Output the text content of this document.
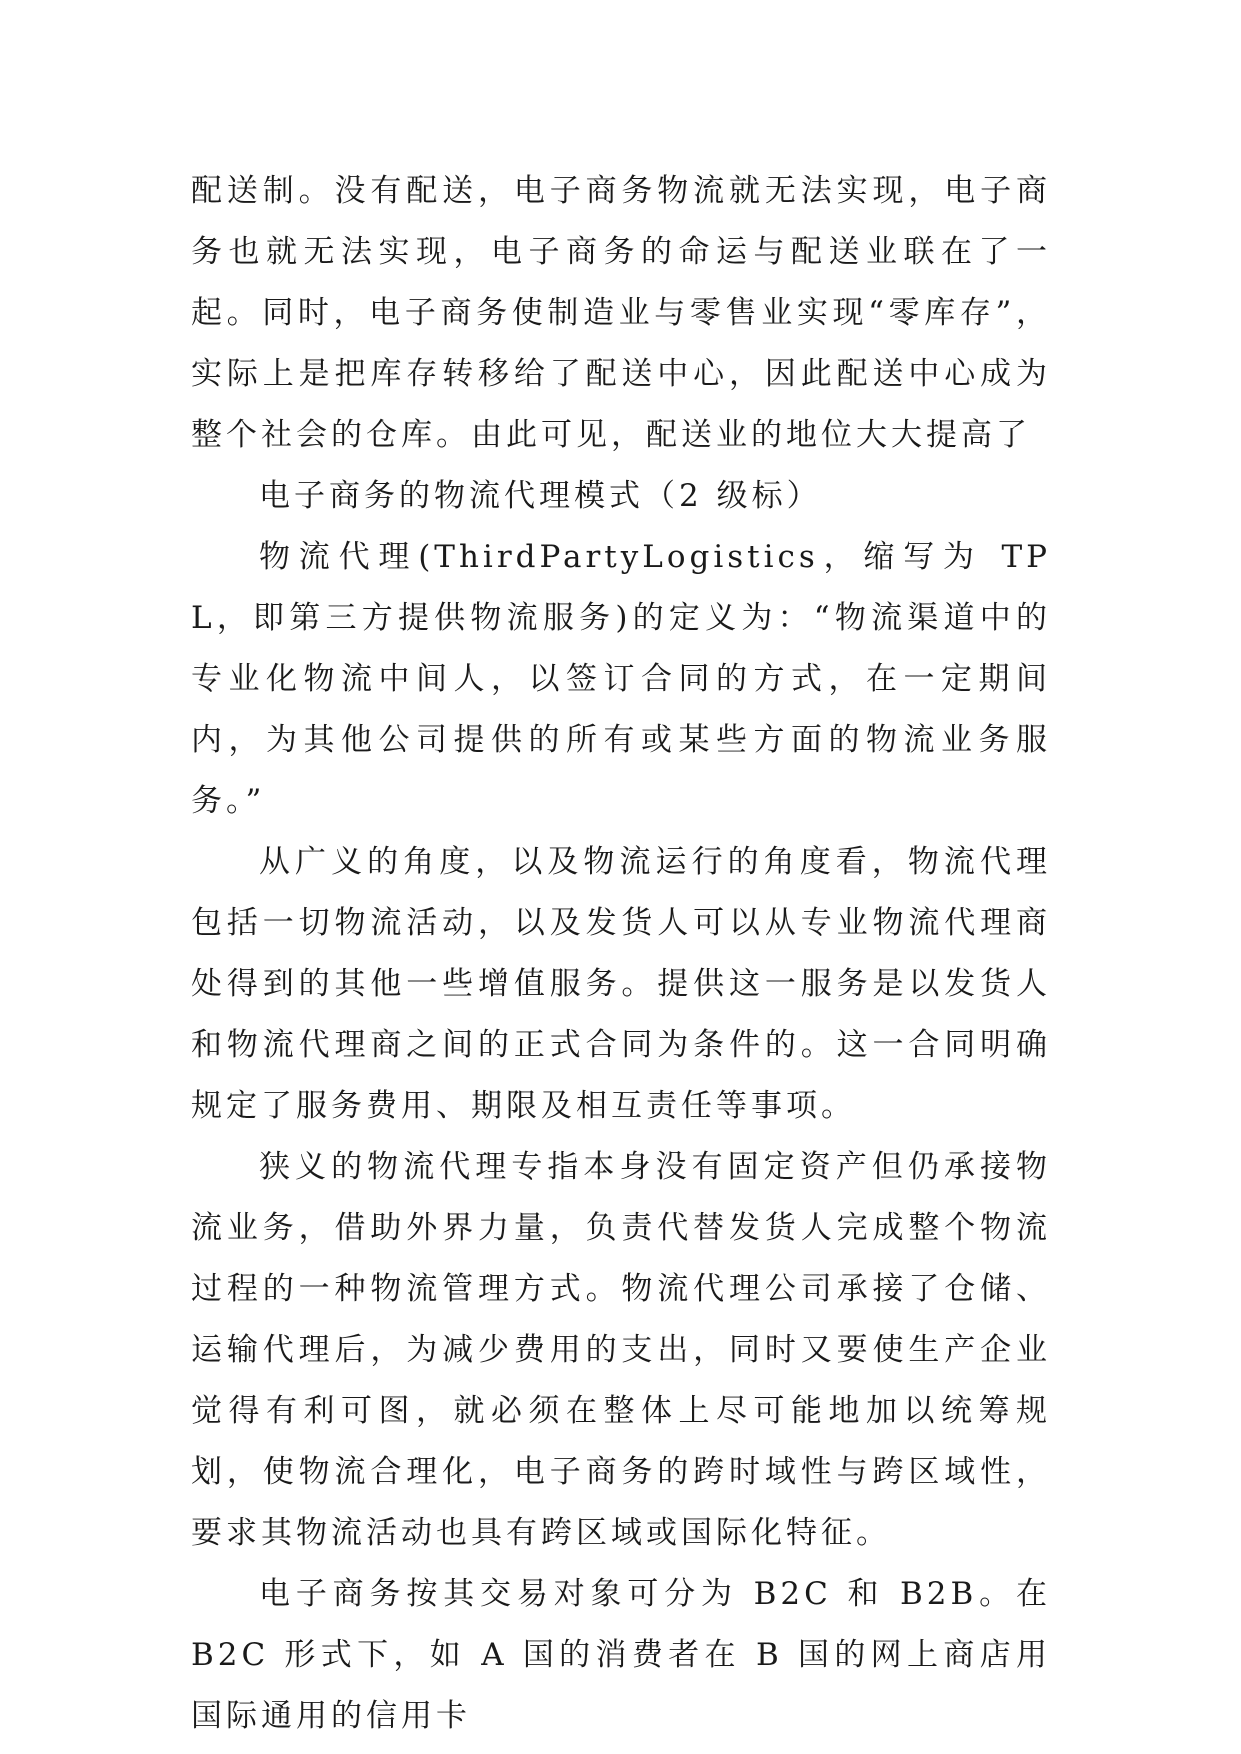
配送制。没有配送，电子商务物流就无法实现，电子商务也就无法实现，电子商务的命运与配送业联在了一起。同时，电子商务使制造业与零售业实现“零库存”，实际上是把库存转移给了配送中心，因此配送中心成为整个社会的仓库。由此可见，配送业的地位大大提高了

电子商务的物流代理模式（2 级标）

物流代理(ThirdPartyLogistics，缩写为 TPL，即第三方提供物流服务)的定义为：“物流渠道中的专业化物流中间人，以签订合同的方式，在一定期间内，为其他公司提供的所有或某些方面的物流业务服务。”

从广义的角度，以及物流运行的角度看，物流代理包括一切物流活动，以及发货人可以从专业物流代理商处得到的其他一些增值服务。提供这一服务是以发货人和物流代理商之间的正式合同为条件的。这一合同明确规定了服务费用、期限及相互责任等事项。

狭义的物流代理专指本身没有固定资产但仍承接物流业务，借助外界力量，负责代替发货人完成整个物流过程的一种物流管理方式。物流代理公司承接了仓储、运输代理后，为减少费用的支出，同时又要使生产企业觉得有利可图，就必须在整体上尽可能地加以统筹规划，使物流合理化，电子商务的跨时域性与跨区域性，要求其物流活动也具有跨区域或国际化特征。

电子商务按其交易对象可分为 B2C 和 B2B。在 B2C 形式下，如 A 国的消费者在 B 国的网上商店用国际通用的信用卡
